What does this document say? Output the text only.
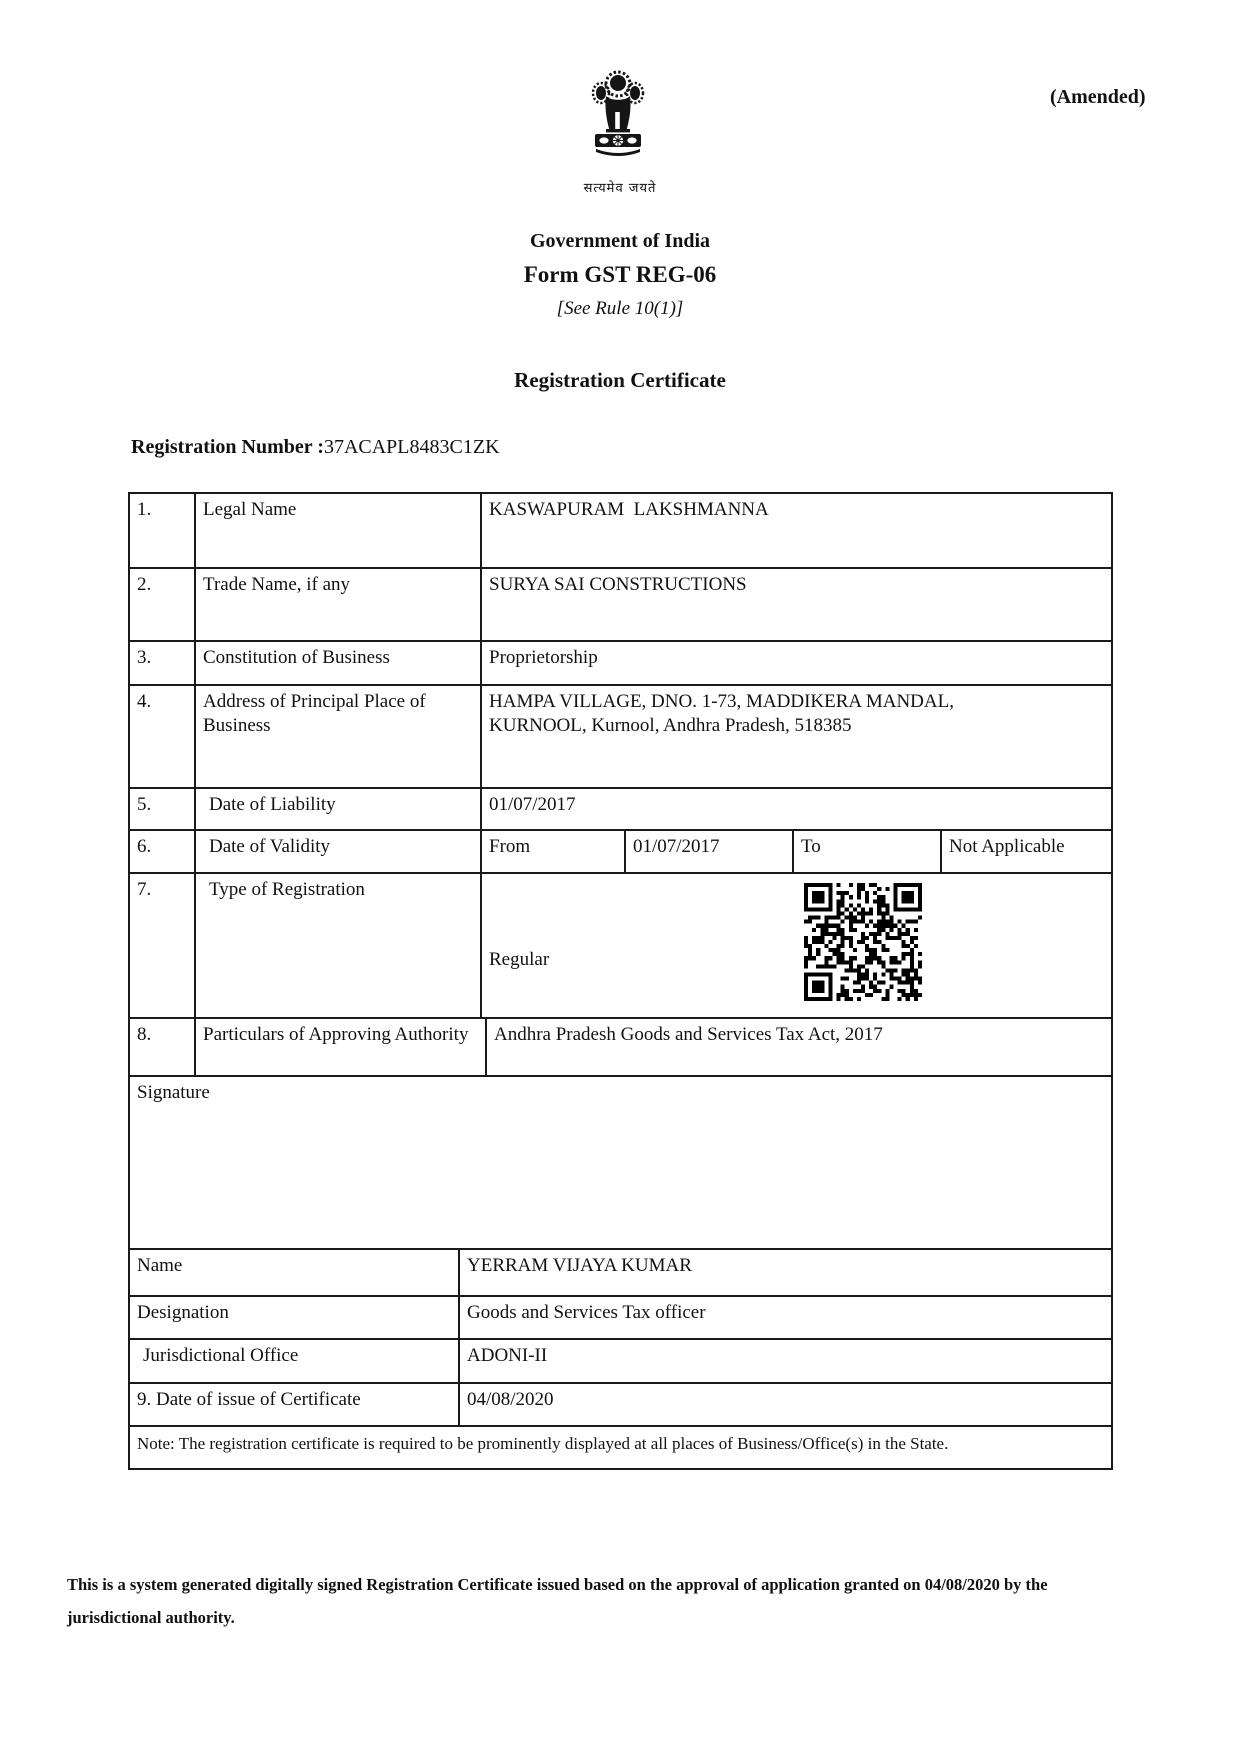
सत्यमेव जयते
(Amended)
Government of India
Form GST REG-06
[See Rule 10(1)]
Registration Certificate
Registration Number :37ACAPL8483C1ZK
1.	Legal Name	KASWAPURAM  LAKSHMANNA
2.	Trade Name, if any	SURYA SAI CONSTRUCTIONS
3.	Constitution of Business	Proprietorship
4.	Address of Principal Place of Business
HAMPA VILLAGE, DNO. 1-73, MADDIKERA MANDAL, KURNOOL, Kurnool, Andhra Pradesh, 518385
5.	Date of Liability	01/07/2017
6.	Date of Validity	From	01/07/2017	To	Not Applicable
7.	Type of Registration

Regular

8.	Particulars of Approving Authority	Andhra Pradesh Goods and Services Tax Act, 2017
Signature
Name	YERRAM VIJAYA KUMAR
Designation	Goods and Services Tax officer
Jurisdictional Office	ADONI-II
9. Date of issue of Certificate	04/08/2020
Note: The registration certificate is required to be prominently displayed at all places of Business/Office(s) in the State.
This is a system generated digitally signed Registration Certificate issued based on the approval of application granted on 04/08/2020 by the jurisdictional authority.
